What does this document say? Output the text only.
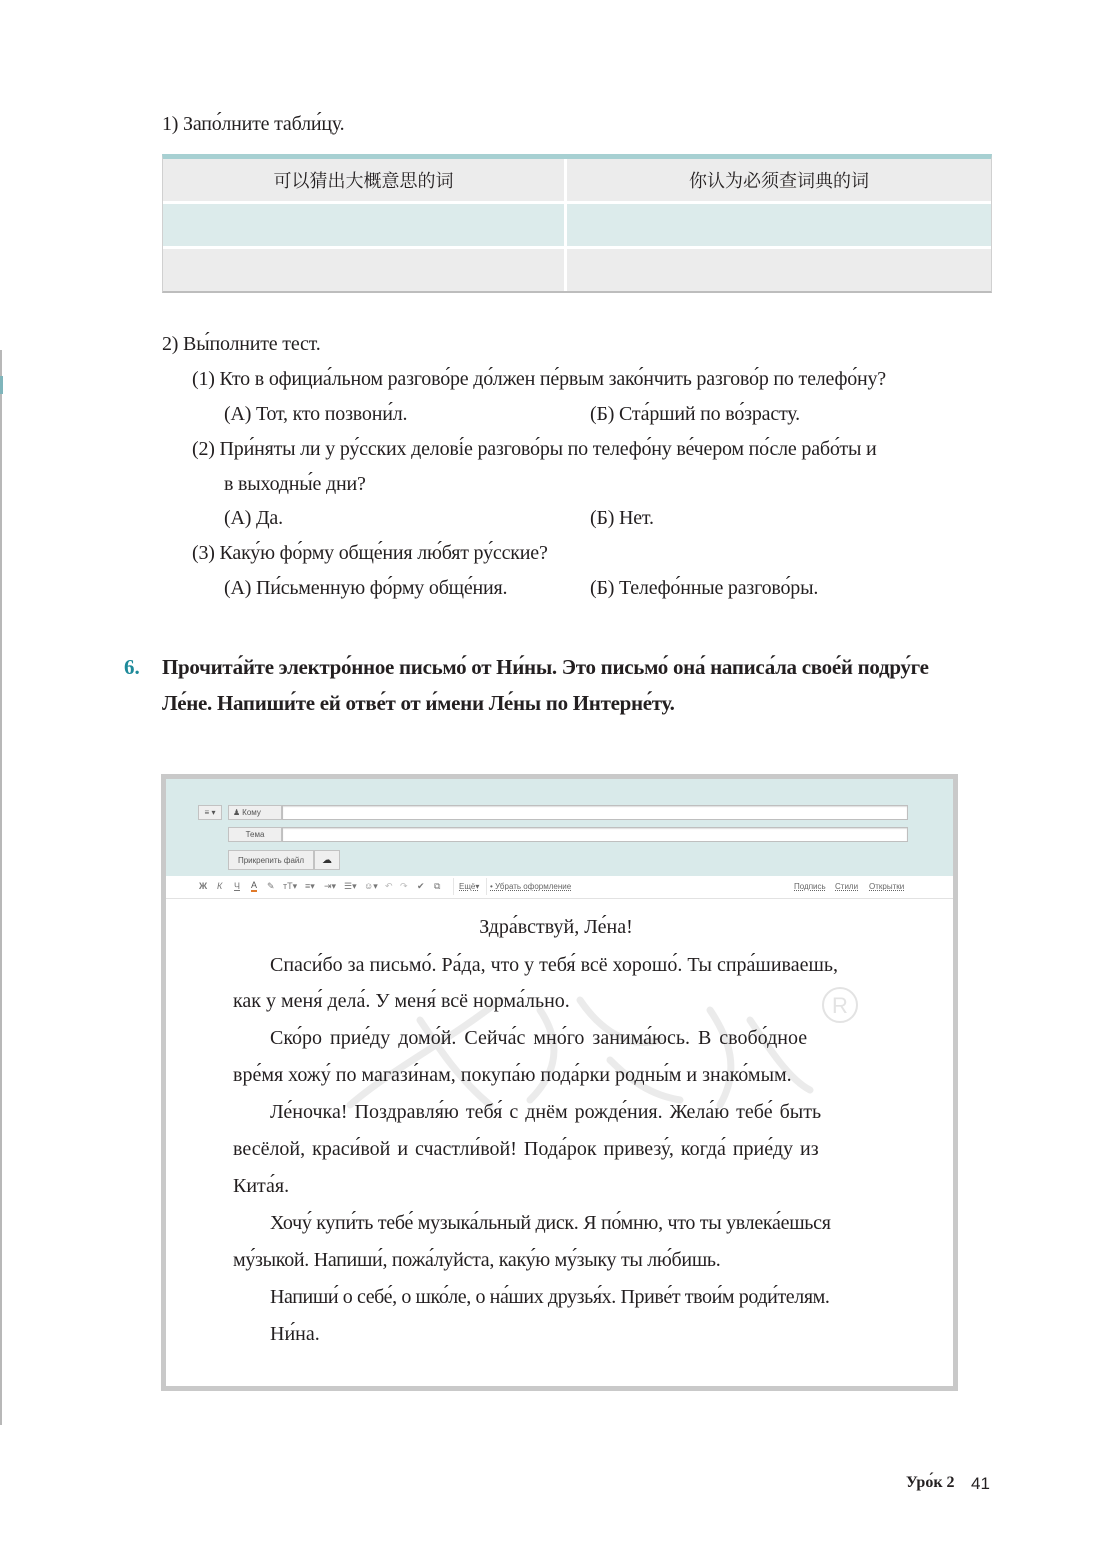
1) Запо́лните табли́цу.
可以猜出大概意思的词	你认为必须查词典的词
2) Вы́полните тест.
(1) Кто в официа́льном разгово́ре до́лжен пе́рвым зако́нчить разгово́р по телефо́ну?
(А) Тот, кто позвони́л.	(Б) Ста́рший по во́зрасту.
(2) При́няты ли у ру́сских делові́е разгово́ры по телефо́ну ве́чером по́сле рабо́ты и
в выходны́е дни?
(А) Да.	(Б) Нет.
(3) Каку́ю фо́рму обще́ния лю́бят ру́сские?
(А) Пи́сьменную фо́рму обще́ния.	(Б) Телефо́нные разгово́ры.
6. Прочита́йте электро́нное письмо́ от Ни́ны. Это письмо́ она́ написа́ла свое́й подру́ге
Ле́не. Напиши́те ей отве́т от и́мени Ле́ны по Интерне́ту.
≡ ▾	♟ Кому
Тема
Прикрепить файл	☁
Ж К Ч A ✎ тТ▾ ≡▾ ⇥▾ ☰▾ ☺▾ ↶ ↷ ✔ ⧉ Ещё▾ • Убрать оформление	Подпись Стили Открытки
R
Здра́вствуй, Ле́на!
Спаси́бо за письмо́. Ра́да, что у тебя́ всё хорошо́. Ты спра́шиваешь,
как у меня́ дела́. У меня́ всё норма́льно.
Ско́ро прие́ду домо́й. Сейча́с мно́го занима́юсь. В свобо́дное
вре́мя хожу́ по магази́нам, покупа́ю пода́рки родны́м и знако́мым.
Ле́ночка! Поздравля́ю тебя́ с днём рожде́ния. Жела́ю тебе́ быть
весёлой, краси́вой и счастли́вой! Пода́рок привезу́, когда́ прие́ду из
Кита́я.
Хочу́ купи́ть тебе́ музыка́льный диск. Я по́мню, что ты увлека́ешься
му́зыкой. Напиши́, пожа́луйста, каку́ю му́зыку ты лю́бишь.
Напиши́ о себе́, о шко́ле, о на́ших друзья́х. Приве́т твои́м роди́телям.
Ни́на.
Уро́к 2 41
